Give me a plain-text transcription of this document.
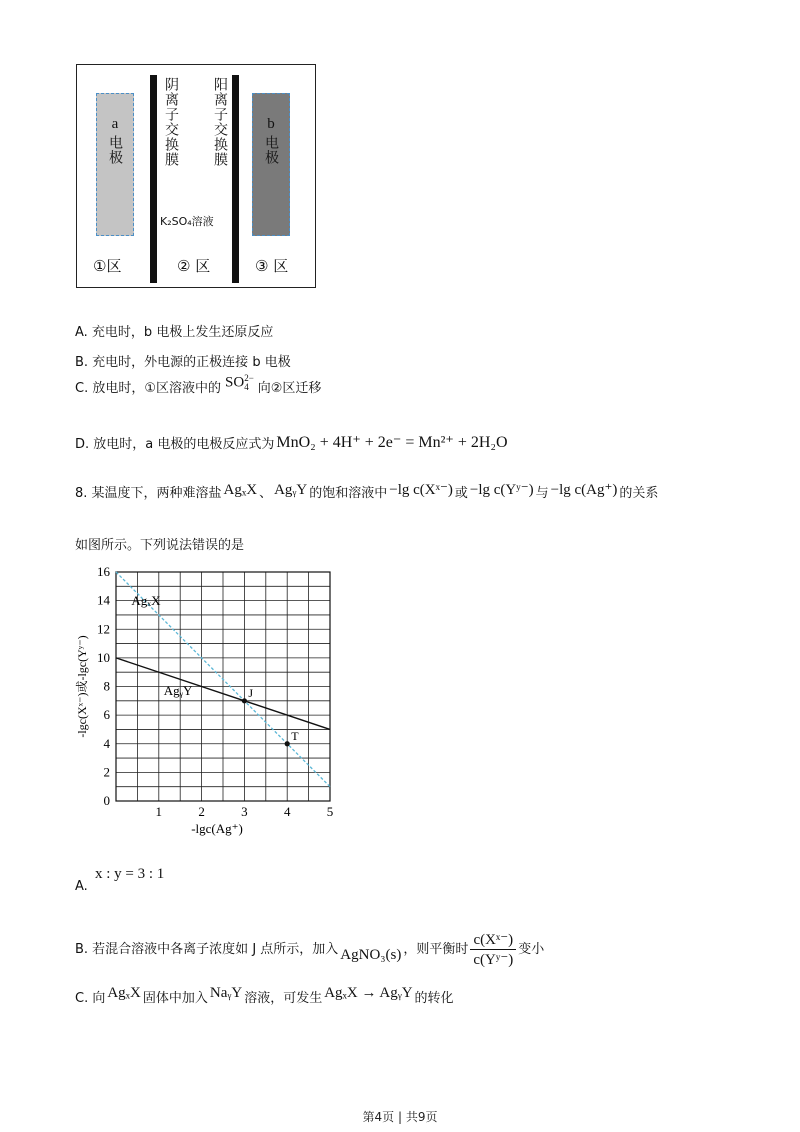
a
电极	阴离子交换膜 阳离子交换膜
K₂SO₄溶液
b
电极
①区	② 区	③ 区
A. 充电时，b 电极上发生还原反应
B. 充电时，外电源的正极连接 b 电极
C. 放电时，①区溶液中的 SO 2−
4 向②区迁移
D. 放电时，a 电极的电极反应式为 MnO₂ + 4H⁺ + 2e⁻ = Mn²⁺ + 2H₂O
8. 某温度下，两种难溶盐 AgₓX 、 AgᵧY 的饱和溶液中 −lg c(Xˣ⁻) 或 −lg c(Yʸ⁻) 与 −lg c(Ag⁺) 的关系
如图所示。下列说法错误的是
1	2	3	4	5
0
2
4
6
8
10
12
14
16
-lgc(Ag⁺)
-lgc(Xˣ⁻)或-lgc(Yʸ⁻)
AgₓX
AgᵧY	J
T
A.
x : y = 3 : 1
B. 若混合溶液中各离子浓度如 J 点所示，加入 AgNO₃(s) ，则平衡时 $\frac{\text{c(Xˣ⁻)}}{\text{c(Yʸ⁻)}}$ 变小
C. 向 AgₓX 固体中加入 NaᵧY 溶液，可发生 AgₓX → AgᵧY 的转化
第4页 | 共9页
